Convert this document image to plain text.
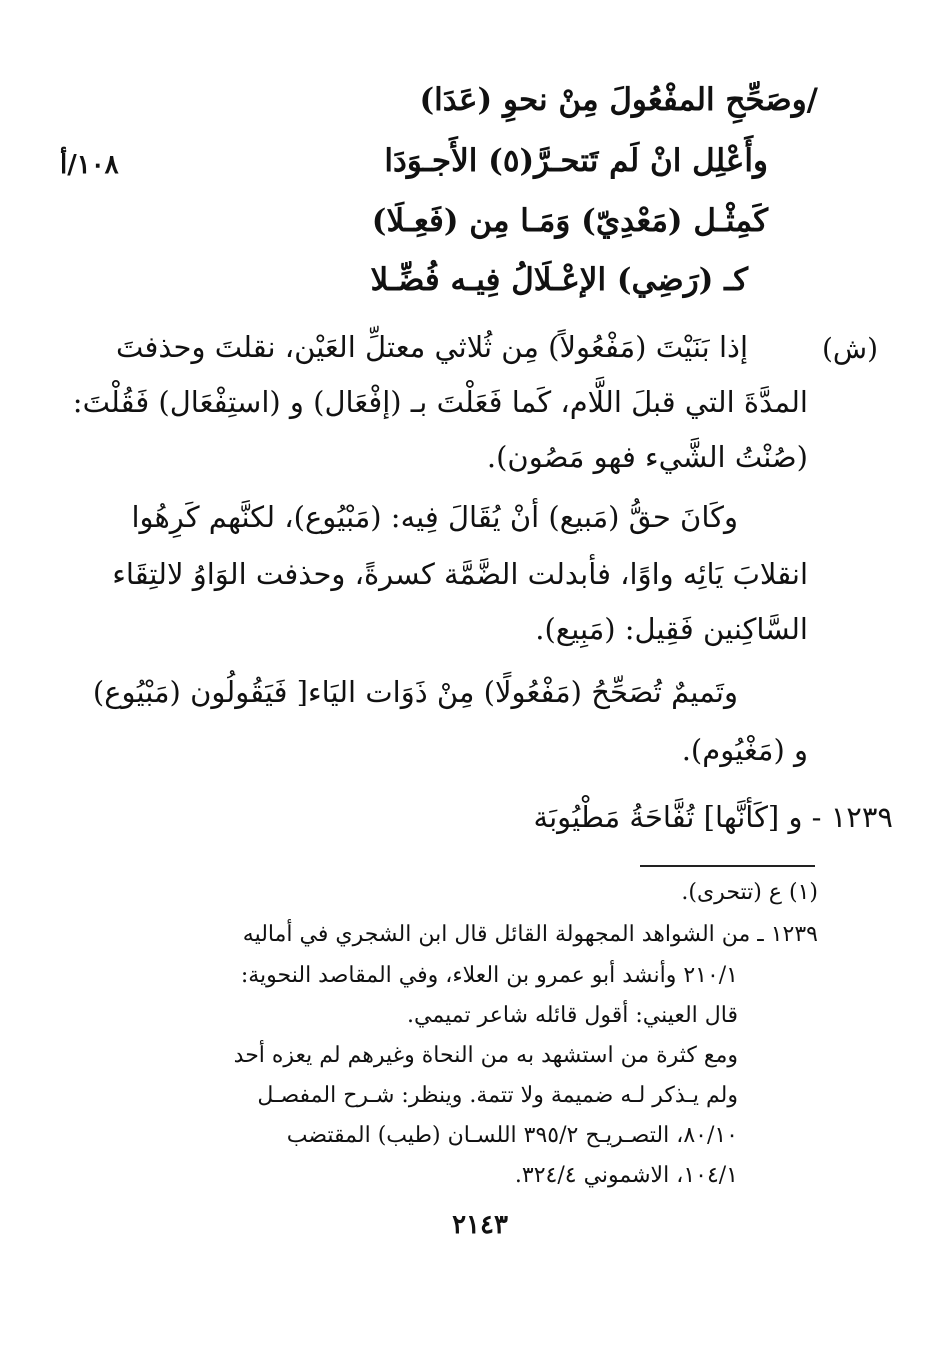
/وصَحِّحِ المفْعُولَ مِنْ نحوِ (عَدَا)
وأَعْلِل انْ لَم تَتحـرَّ(٥) الأَجـوَدَا
كَمِثْـل (مَعْدِيّ) وَمَـا مِن (فَعِـلَا)
كـ (رَضِي) الإعْـلَالُ فِيـه فُضِّـلا
١٠٨/أ
(ش)
إذا بَنَيْتَ (مَفْعُولاً) مِن ثُلاثي معتلِّ العَيْن، نقلتَ وحذفتَ
المدَّةَ التي قبلَ اللَّام، كَما فَعَلْتَ بـ (إفْعَال) و (استِفْعَال) فَقُلْتَ:
(صُنْتُ الشَّيء فهو مَصُون).
وكَانَ حقُّ (مَبيع) أنْ يُقَالَ فِيه: (مَبْيُوع)، لكنَّهم كَرِهُوا
انقلابَ يَائِه واوًا، فأبدلت الضَّمَّة كسرةً، وحذفت الوَاوُ لالتِقَاء
السَّاكِنين فَقِيل: (مَبِيع).
وتَميمٌ تُصَحِّحُ (مَفْعُولًا) مِنْ ذَوَات اليَاء[ فَيَقُولُون (مَبْيُوع)
و (مَغْيُوم).
١٢٣٩ - و [كَأنَّها] تُفَّاحَةُ مَطْيُوبَة
(١) ع (تتحرى).
١٢٣٩ ـ من الشواهد المجهولة القائل قال ابن الشجري في أماليه
٢١٠/١ وأنشد أبو عمرو بن العلاء، وفي المقاصد النحوية:
قال العيني: أقول قائله شاعر تميمي.
ومع كثرة من استشهد به من النحاة وغيرهم لم يعزه أحد
ولم يـذكر لـه ضميمة ولا تتمة. وينظر: شـرح المفصـل
٨٠/١٠، التصـريـح ٣٩٥/٢ اللسـان (طيب) المقتضب
١٠٤/١، الاشموني ٣٢٤/٤.
٢١٤٣
